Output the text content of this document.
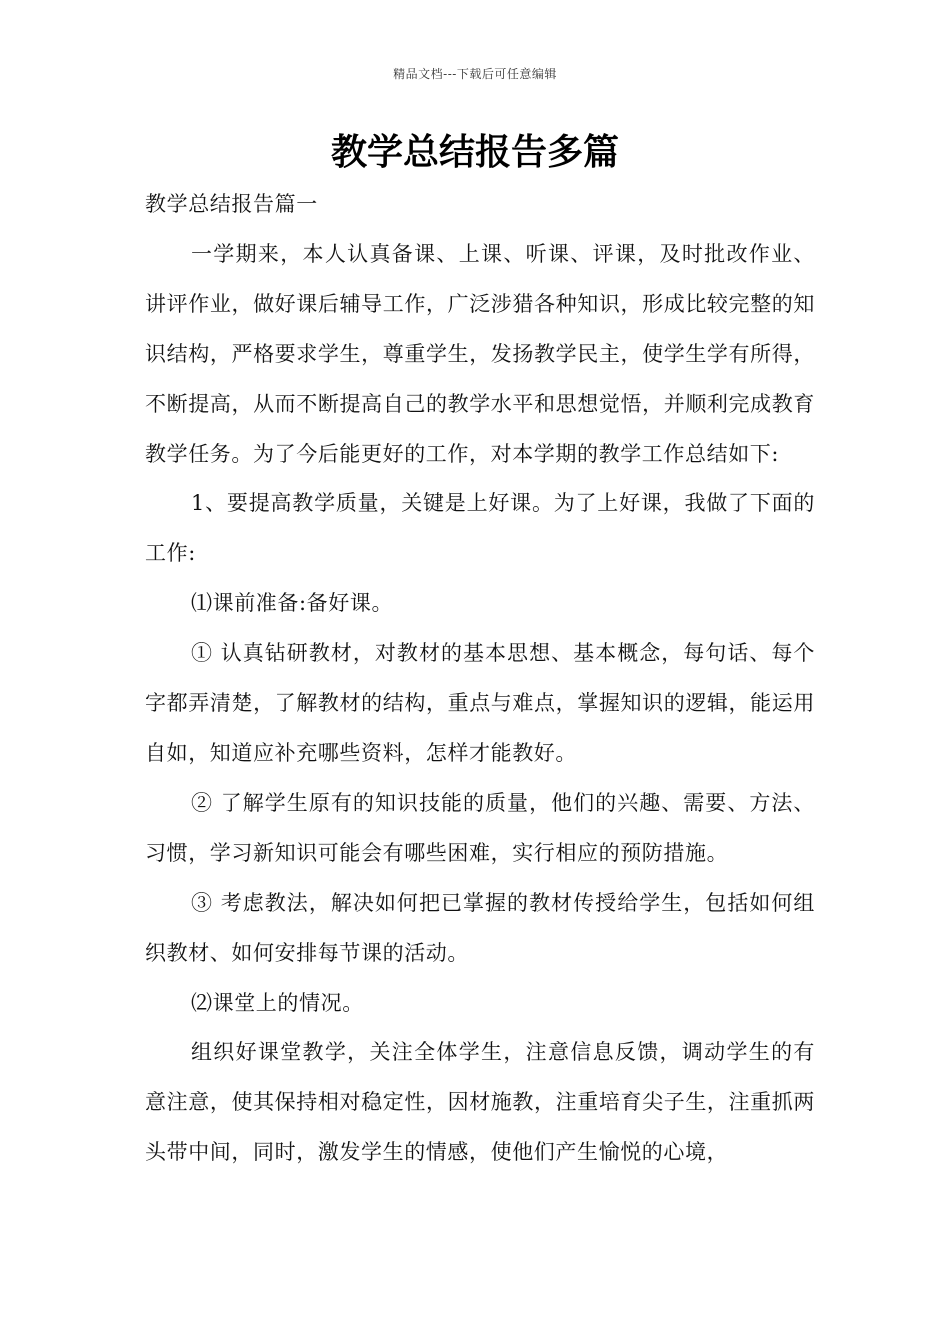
精品文档---下载后可任意编辑
教学总结报告多篇

教学总结报告篇一

一学期来，本人认真备课、上课、听课、评课，及时批改作业、讲评作业，做好课后辅导工作，广泛涉猎各种知识，形成比较完整的知识结构，严格要求学生，尊重学生，发扬教学民主，使学生学有所得，不断提高，从而不断提高自己的教学水平和思想觉悟，并顺利完成教育教学任务。为了今后能更好的工作，对本学期的教学工作总结如下:

1、要提高教学质量，关键是上好课。为了上好课，我做了下面的工作:

⑴课前准备:备好课。

① 认真钻研教材，对教材的基本思想、基本概念，每句话、每个字都弄清楚，了解教材的结构，重点与难点，掌握知识的逻辑，能运用自如，知道应补充哪些资料，怎样才能教好。

② 了解学生原有的知识技能的质量，他们的兴趣、需要、方法、习惯，学习新知识可能会有哪些困难，实行相应的预防措施。

③ 考虑教法，解决如何把已掌握的教材传授给学生，包括如何组织教材、如何安排每节课的活动。

⑵课堂上的情况。

组织好课堂教学，关注全体学生，注意信息反馈，调动学生的有意注意，使其保持相对稳定性，因材施教，注重培育尖子生，注重抓两头带中间，同时，激发学生的情感，使他们产生愉悦的心境，
